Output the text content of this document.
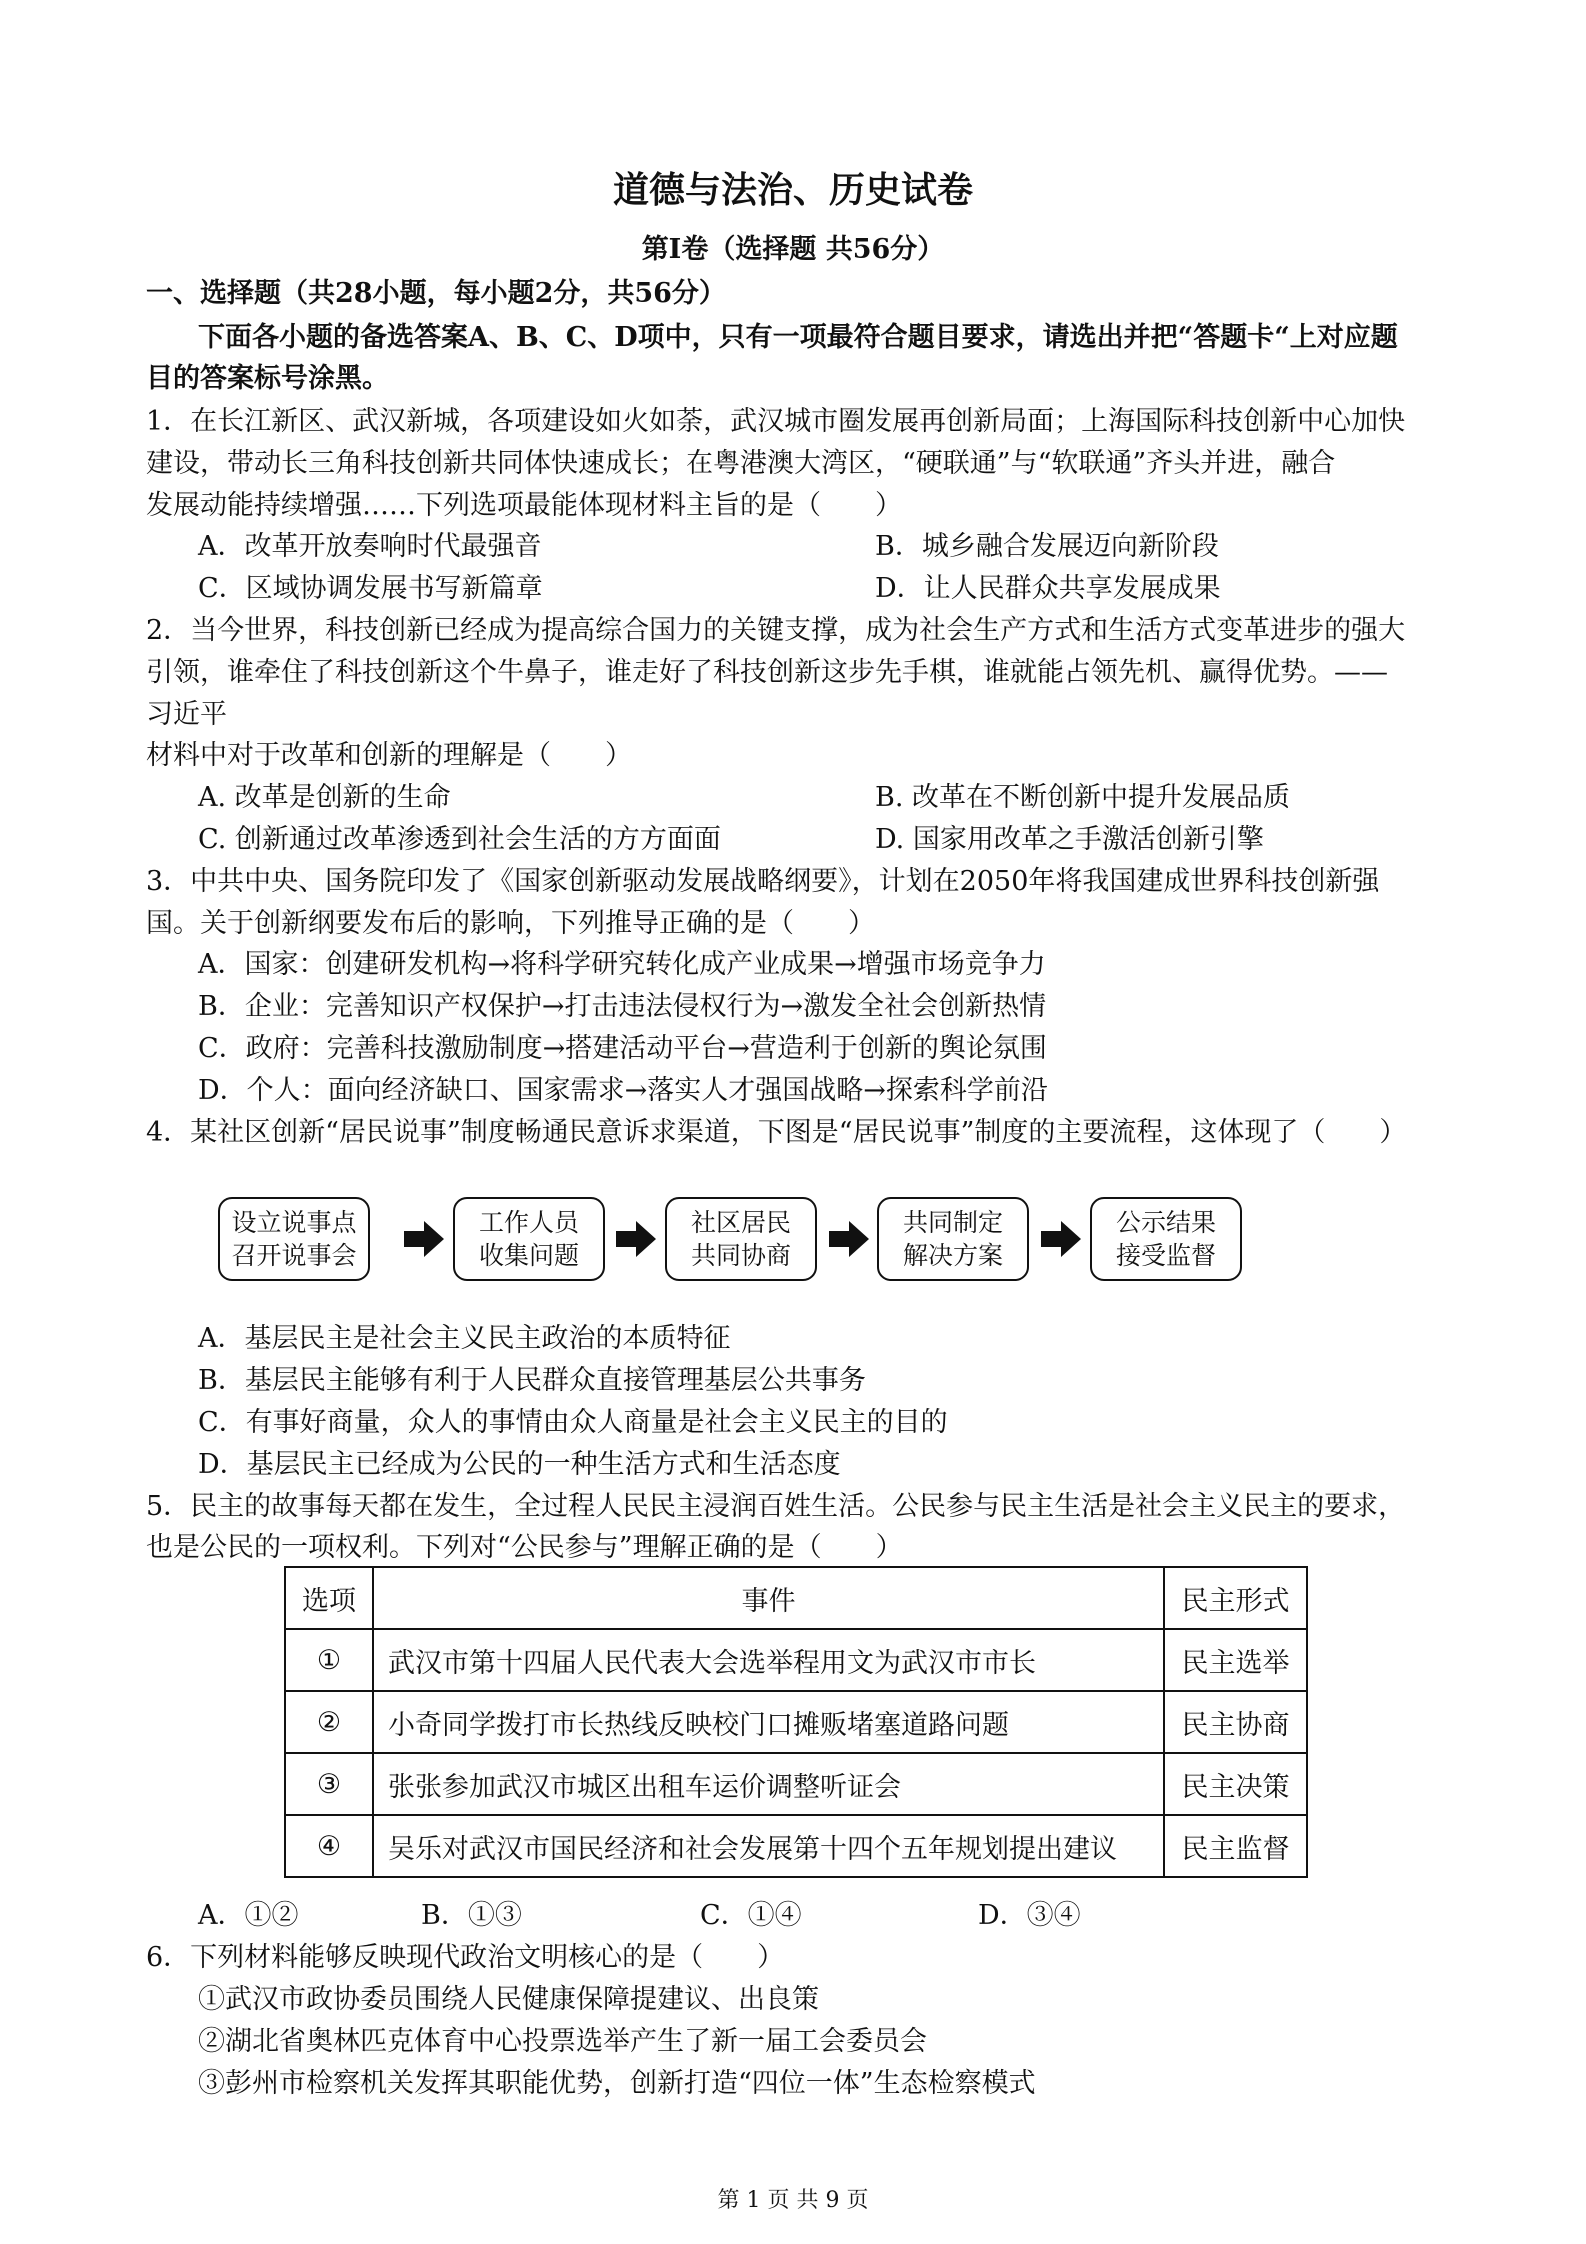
道德与法治、历史试卷
第Ⅰ卷（选择题 共56分）
一、选择题（共28小题，每小题2分，共56分）
下面各小题的备选答案A、B、C、D项中，只有一项最符合题目要求，请选出并把“答题卡“上对应题
目的答案标号涂黑。
1．在长江新区、武汉新城，各项建设如火如荼，武汉城市圈发展再创新局面；上海国际科技创新中心加快
建设，带动长三角科技创新共同体快速成长；在粤港澳大湾区，“硬联通”与“软联通”齐头并进，融合
发展动能持续增强……下列选项最能体现材料主旨的是（　　）
A．改革开放奏响时代最强音	B．城乡融合发展迈向新阶段
C．区域协调发展书写新篇章	D．让人民群众共享发展成果
2．当今世界，科技创新已经成为提高综合国力的关键支撑，成为社会生产方式和生活方式变革进步的强大
引领，谁牵住了科技创新这个牛鼻子，谁走好了科技创新这步先手棋，谁就能占领先机、赢得优势。——
习近平
材料中对于改革和创新的理解是（　　）
A. 改革是创新的生命	B. 改革在不断创新中提升发展品质
C. 创新通过改革渗透到社会生活的方方面面	D. 国家用改革之手激活创新引擎
3．中共中央、国务院印发了《国家创新驱动发展战略纲要》，计划在2050年将我国建成世界科技创新强
国。关于创新纲要发布后的影响，下列推导正确的是（　　）
A．国家：创建研发机构→将科学研究转化成产业成果→增强市场竞争力
B．企业：完善知识产权保护→打击违法侵权行为→激发全社会创新热情
C．政府：完善科技激励制度→搭建活动平台→营造利于创新的舆论氛围
D．个人：面向经济缺口、国家需求→落实人才强国战略→探索科学前沿
4．某社区创新“居民说事”制度畅通民意诉求渠道，下图是“居民说事”制度的主要流程，这体现了（　　）
设立说事点
召开说事会
工作人员
收集问题
社区居民
共同协商
共同制定
解决方案
公示结果
接受监督
A．基层民主是社会主义民主政治的本质特征
B．基层民主能够有利于人民群众直接管理基层公共事务
C．有事好商量，众人的事情由众人商量是社会主义民主的目的
D．基层民主已经成为公民的一种生活方式和生活态度
5．民主的故事每天都在发生，全过程人民民主浸润百姓生活。公民参与民主生活是社会主义民主的要求，
也是公民的一项权利。下列对“公民参与”理解正确的是（　　）
选项	事件	民主形式
①	武汉市第十四届人民代表大会选举程用文为武汉市市长	民主选举
②	小奇同学拨打市长热线反映校门口摊贩堵塞道路问题	民主协商
③	张张参加武汉市城区出租车运价调整听证会	民主决策
④	吴乐对武汉市国民经济和社会发展第十四个五年规划提出建议	民主监督
A．①②	B．①③	C．①④	D．③④
6．下列材料能够反映现代政治文明核心的是（　　）
①武汉市政协委员围绕人民健康保障提建议、出良策
②湖北省奥林匹克体育中心投票选举产生了新一届工会委员会
③彭州市检察机关发挥其职能优势，创新打造“四位一体”生态检察模式
第 1 页 共 9 页
